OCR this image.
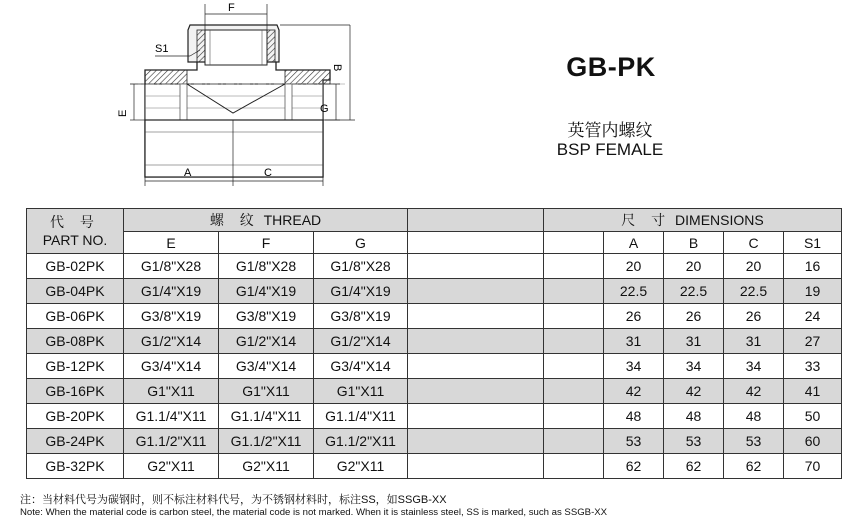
F
S1
B
E	G
A	C
GB-PK
英管内螺纹
BSP FEMALE
代 号
PART NO.	螺 纹 THREAD				尺 寸 DIMENSIONS				
	E	F	G			A	B	C	S1
GB-02PK	G1/8"X28	G1/8"X28	G1/8"X28			20	20	20	16
GB-04PK	G1/4"X19	G1/4"X19	G1/4"X19			22.5	22.5	22.5	19
GB-06PK	G3/8"X19	G3/8"X19	G3/8"X19			26	26	26	24
GB-08PK	G1/2"X14	G1/2"X14	G1/2"X14			31	31	31	27
GB-12PK	G3/4"X14	G3/4"X14	G3/4"X14			34	34	34	33
GB-16PK	G1"X11	G1"X11	G1"X11			42	42	42	41
GB-20PK	G1.1/4"X11	G1.1/4"X11	G1.1/4"X11			48	48	48	50
GB-24PK	G1.1/2"X11	G1.1/2"X11	G1.1/2"X11			53	53	53	60
GB-32PK	G2"X11	G2"X11	G2"X11			62	62	62	70
注：当材料代号为碳钢时，则不标注材料代号，为不锈钢材料时，标注SS，如SSGB-XX
Note: When the material code is carbon steel, the material code is not marked. When it is stainless steel, SS is marked, such as SSGB-XX
